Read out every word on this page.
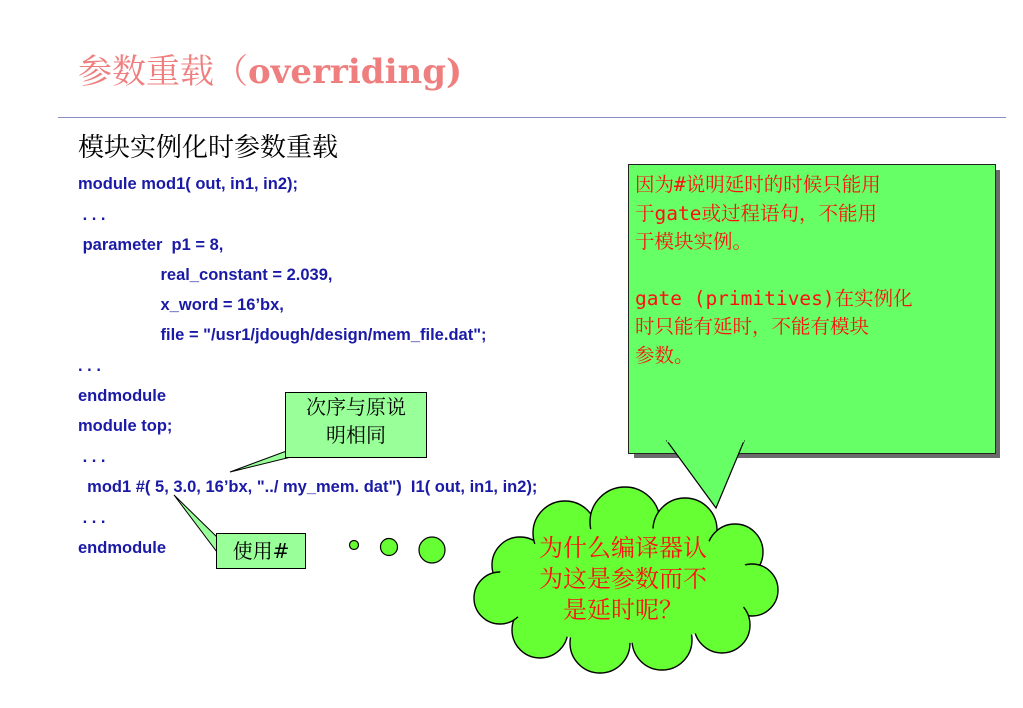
参数重载（overriding)
模块实例化时参数重载
module mod1( out, in1, in2);
. . .
parameter  p1 = 8,
real_constant = 2.039,
x_word = 16’bx,
file = "/usr1/jdough/design/mem_file.dat";
. . .
endmodule
module top;
. . .
mod1 #( 5, 3.0, 16’bx, "../ my_mem. dat")  I1( out, in1, in2);
. . .
endmodule
次序与原说
明相同
使用#

因为#说明延时的时候只能用

于gate或过程语句，不能用

于模块实例。

gate (primitives)在实例化

时只能有延时，不能有模块

参数。

为什么编译器认
为这是参数而不
是延时呢？
